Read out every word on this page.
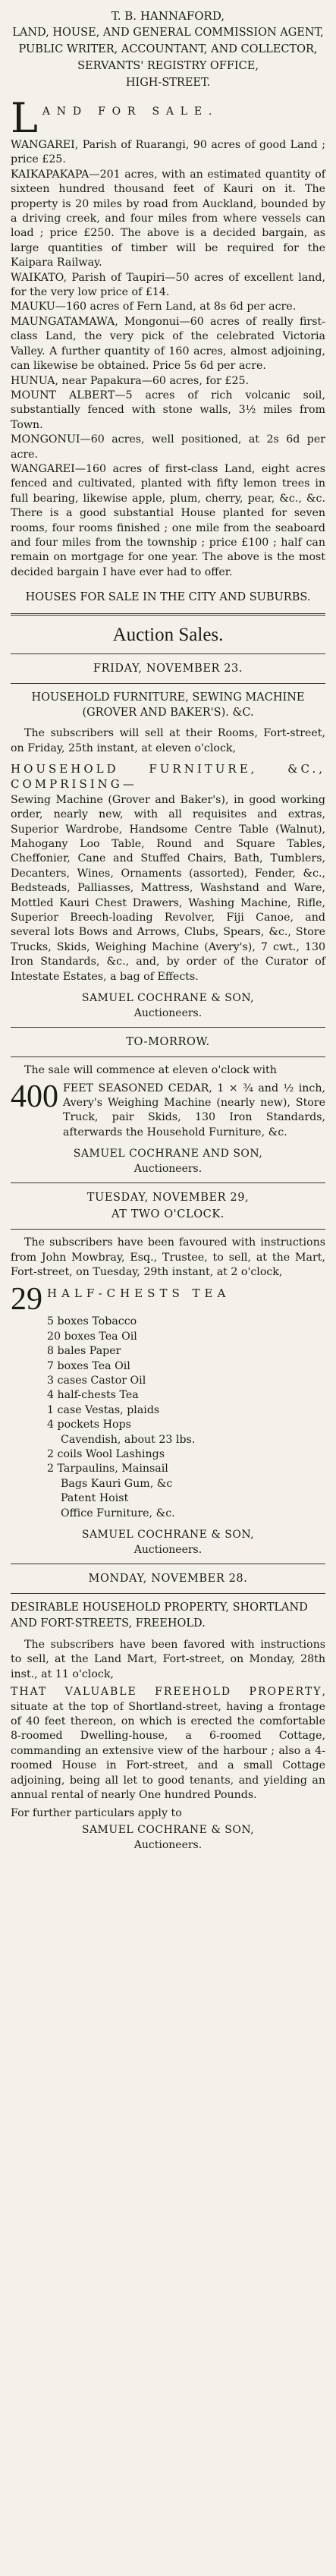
T. B. HANNAFORD,

LAND, HOUSE, AND GENERAL COMMISSION AGENT,

PUBLIC WRITER, ACCOUNTANT, AND COLLECTOR,

SERVANTS' REGISTRY OFFICE,

HIGH-STREET.

L AND FOR SALE.

WANGAREI, Parish of Ruarangi, 90 acres of good Land ; price £25.

KAIKAPAKAPA—201 acres, with an estimated quantity of sixteen hundred thousand feet of Kauri on it. The property is 20 miles by road from Auckland, bounded by a driving creek, and four miles from where vessels can load ; price £250. The above is a decided bargain, as large quantities of timber will be required for the Kaipara Railway.

WAIKATO, Parish of Taupiri—50 acres of excellent land, for the very low price of £14.

MAUKU—160 acres of Fern Land, at 8s 6d per acre.

MAUNGATAMAWA, Mongonui—60 acres of really first-class Land, the very pick of the celebrated Victoria Valley. A further quantity of 160 acres, almost adjoining, can likewise be obtained. Price 5s 6d per acre.

HUNUA, near Papakura—60 acres, for £25.

MOUNT ALBERT—5 acres of rich volcanic soil, substantially fenced with stone walls, 3½ miles from Town.

MONGONUI—60 acres, well positioned, at 2s 6d per acre.

WANGAREI—160 acres of first-class Land, eight acres fenced and cultivated, planted with fifty lemon trees in full bearing, likewise apple, plum, cherry, pear, &c., &c. There is a good substantial House planted for seven rooms, four rooms finished ; one mile from the seaboard and four miles from the township ; price £100 ; half can remain on mortgage for one year. The above is the most decided bargain I have ever had to offer.

HOUSES FOR SALE IN THE CITY AND SUBURBS.

Auction Sales.

FRIDAY, NOVEMBER 23.

HOUSEHOLD FURNITURE, SEWING MACHINE (GROVER AND BAKER'S). &C.

The subscribers will sell at their Rooms, Fort-street, on Friday, 25th instant, at eleven o'clock,

HOUSEHOLD FURNITURE, &C., COMPRISING—

Sewing Machine (Grover and Baker's), in good working order, nearly new, with all requisites and extras, Superior Wardrobe, Handsome Centre Table (Walnut), Mahogany Loo Table, Round and Square Tables, Cheffonier, Cane and Stuffed Chairs, Bath, Tumblers, Decanters, Wines, Ornaments (assorted), Fender, &c., Bedsteads, Palliasses, Mattress, Washstand and Ware, Mottled Kauri Chest Drawers, Washing Machine, Rifle, Superior Breech-loading Revolver, Fiji Canoe, and several lots Bows and Arrows, Clubs, Spears, &c., Store Trucks, Skids, Weighing Machine (Avery's), 7 cwt., 130 Iron Standards, &c., and, by order of the Curator of Intestate Estates, a bag of Effects.

SAMUEL COCHRANE & SON,

Auctioneers.

TO-MORROW.

The sale will commence at eleven o'clock with

400 FEET SEASONED CEDAR, 1 × ¾ and ½ inch, Avery's Weighing Machine (nearly new), Store Truck, pair Skids, 130 Iron Standards, afterwards the Household Furniture, &c.

SAMUEL COCHRANE AND SON,

Auctioneers.

TUESDAY, NOVEMBER 29,

AT TWO O'CLOCK.

The subscribers have been favoured with instructions from John Mowbray, Esq., Trustee, to sell, at the Mart, Fort-street, on Tuesday, 29th instant, at 2 o'clock,

29 HALF-CHESTS TEA
5 boxes Tobacco
20 boxes Tea Oil
8 bales Paper
7 boxes Tea Oil
3 cases Castor Oil
4 half-chests Tea
1 case Vestas, plaids
4 pockets Hops
Cavendish, about 23 lbs.
2 coils Wool Lashings
2 Tarpaulins, Mainsail
Bags Kauri Gum, &c
Patent Hoist
Office Furniture, &c.

SAMUEL COCHRANE & SON,

Auctioneers.

MONDAY, NOVEMBER 28.

DESIRABLE HOUSEHOLD PROPERTY, SHORTLAND AND FORT-STREETS, FREEHOLD.

The subscribers have been favored with instructions to sell, at the Land Mart, Fort-street, on Monday, 28th inst., at 11 o'clock,

THAT VALUABLE FREEHOLD PROPERTY, situate at the top of Shortland-street, having a frontage of 40 feet thereon, on which is erected the comfortable 8-roomed Dwelling-house, a 6-roomed Cottage, commanding an extensive view of the harbour ; also a 4-roomed House in Fort-street, and a small Cottage adjoining, being all let to good tenants, and yielding an annual rental of nearly One hundred Pounds.

For further particulars apply to

SAMUEL COCHRANE & SON,

Auctioneers.
